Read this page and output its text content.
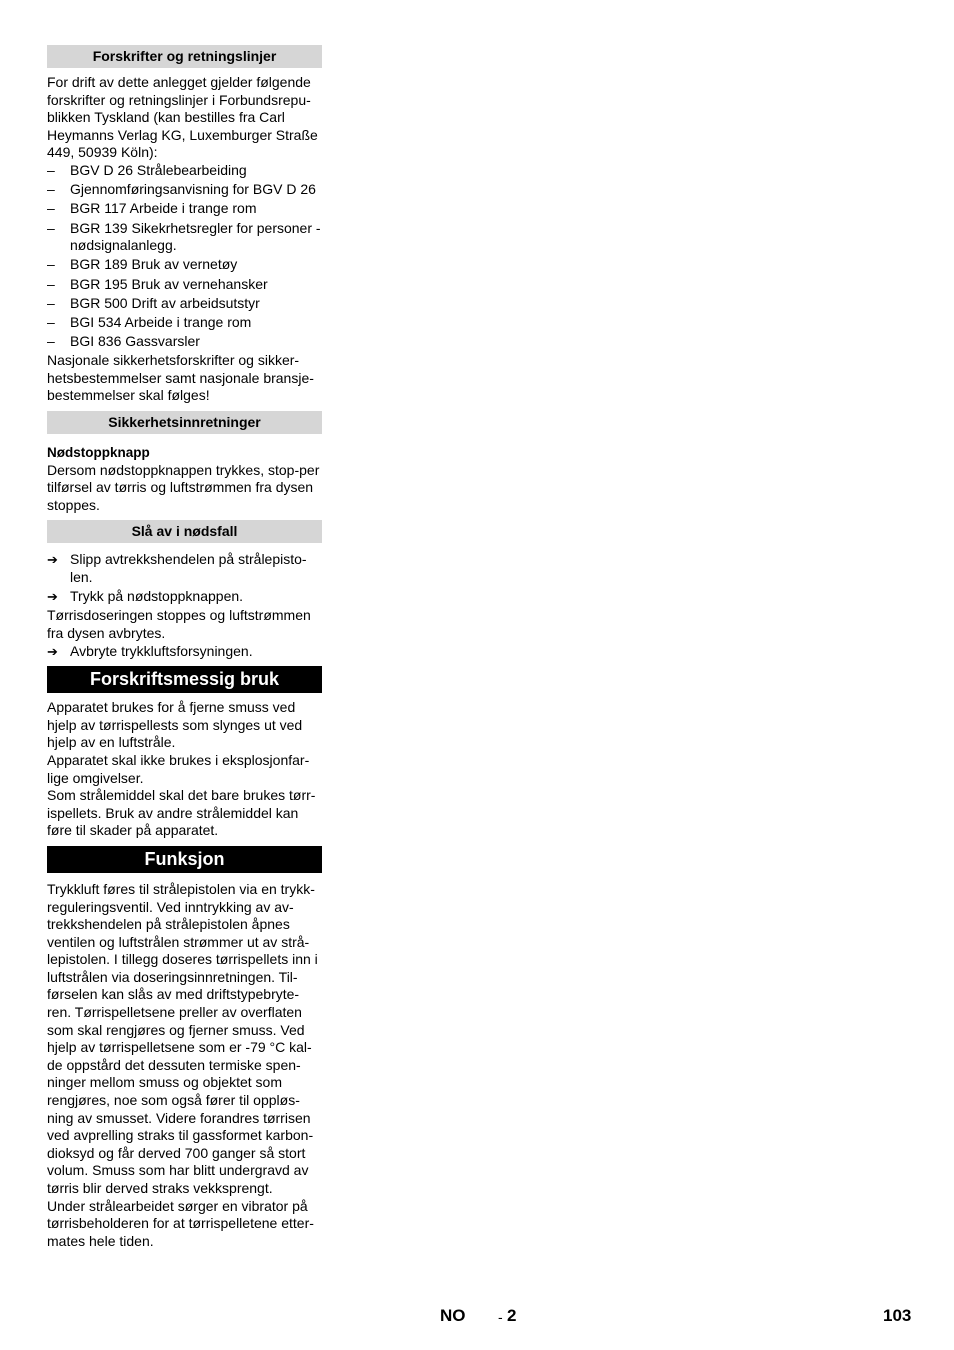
Forskrifter og retningslinjer

For drift av dette anlegget gjelder følgende forskrifter og retningslinjer i Forbundsrepu-blikken Tyskland (kan bestilles fra Carl Heymanns Verlag KG, Luxemburger Straße 449, 50939 Köln):

– BGV D 26 Strålebearbeiding
– Gjennomføringsanvisning for BGV D 26
– BGR 117 Arbeide i trange rom
– BGR 139 Sikekrhetsregler for personer - nødsignalanlegg.
– BGR 189 Bruk av vernetøy
– BGR 195 Bruk av vernehansker
– BGR 500 Drift av arbeidsutstyr
– BGI 534 Arbeide i trange rom
– BGI 836 Gassvarsler

Nasjonale sikkerhetsforskrifter og sikker-hetsbestemmelser samt nasjonale bransje-bestemmelser skal følges!

Sikkerhetsinnretninger

Nødstoppknapp

Dersom nødstoppknappen trykkes, stop-per tilførsel av tørris og luftstrømmen fra dysen stoppes.

Slå av i nødsfall
➔ Slipp avtrekkshendelen på strålepisto-len.
➔ Trykk på nødstoppknappen.

Tørrisdoseringen stoppes og luftstrømmen fra dysen avbrytes.

➔ Avbryte trykkluftsforsyningen.
Forskriftsmessig bruk

Apparatet brukes for å fjerne smuss ved hjelp av tørrispellests som slynges ut ved hjelp av en luftstråle.

Apparatet skal ikke brukes i eksplosjonfar-lige omgivelser.

Som strålemiddel skal det bare brukes tørr-ispellets. Bruk av andre strålemiddel kan føre til skader på apparatet.

Funksjon

Trykkluft føres til strålepistolen via en trykk-reguleringsventil. Ved inntrykking av av-trekkshendelen på strålepistolen åpnes ventilen og luftstrålen strømmer ut av strå-lepistolen. I tillegg doseres tørrispellets inn i luftstrålen via doseringsinnretningen. Til-førselen kan slås av med driftstypebryte-ren. Tørrispelletsene preller av overflaten som skal rengjøres og fjerner smuss. Ved hjelp av tørrispelletsene som er -79 °C kal-de oppstård det dessuten termiske spen-ninger mellom smuss og objektet som rengjøres, noe som også fører til oppløs-ning av smusset. Videre forandres tørrisen ved avprelling straks til gassformet karbon-dioksyd og får derved 700 ganger så stort volum. Smuss som har blitt undergravd av tørris blir derved straks vekksprengt.

Under strålearbeidet sørger en vibrator på tørrisbeholderen for at tørrispelletene etter-mates hele tiden.

NO - 2	103
